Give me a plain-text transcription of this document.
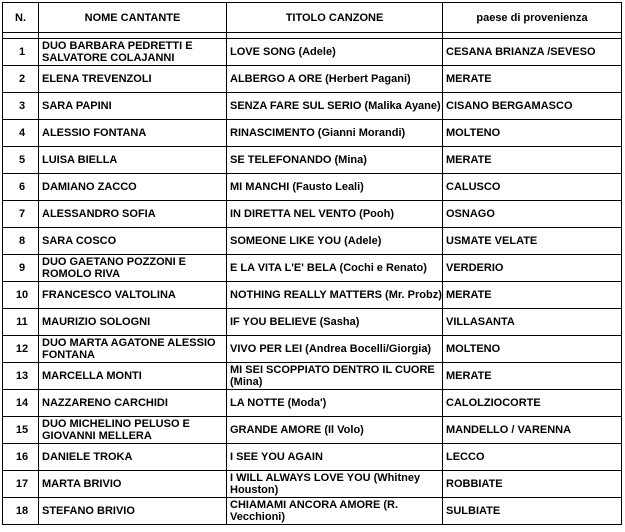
N.	NOME CANTANTE	TITOLO CANZONE	paese di provenienza

1	DUO BARBARA PEDRETTI E SALVATORE COLAJANNI	LOVE SONG (Adele)	CESANA BRIANZA /SEVESO
2	ELENA TREVENZOLI	ALBERGO A ORE (Herbert Pagani)	MERATE
3	SARA PAPINI	SENZA FARE SUL SERIO (Malika Ayane)	CISANO BERGAMASCO
4	ALESSIO FONTANA	RINASCIMENTO (Gianni Morandi)	MOLTENO
5	LUISA BIELLA	SE TELEFONANDO (Mina)	MERATE
6	DAMIANO ZACCO	MI MANCHI (Fausto Leali)	CALUSCO
7	ALESSANDRO SOFIA	IN DIRETTA NEL VENTO (Pooh)	OSNAGO
8	SARA COSCO	SOMEONE LIKE YOU (Adele)	USMATE VELATE
9	DUO GAETANO POZZONI E ROMOLO RIVA	E LA VITA L'E' BELA (Cochi e Renato)	VERDERIO
10	FRANCESCO VALTOLINA	NOTHING REALLY MATTERS (Mr. Probz)	MERATE
11	MAURIZIO SOLOGNI	IF YOU BELIEVE (Sasha)	VILLASANTA
12	DUO MARTA AGATONE ALESSIO FONTANA	VIVO PER LEI (Andrea Bocelli/Giorgia)	MOLTENO
13	MARCELLA MONTI	MI SEI SCOPPIATO DENTRO IL CUORE (Mina)	MERATE
14	NAZZARENO CARCHIDI	LA NOTTE (Moda')	CALOLZIOCORTE
15	DUO MICHELINO PELUSO E GIOVANNI MELLERA	GRANDE AMORE (Il Volo)	MANDELLO / VARENNA
16	DANIELE TROKA	I SEE YOU AGAIN	LECCO
17	MARTA BRIVIO	I WILL ALWAYS LOVE YOU (Whitney Houston)	ROBBIATE
18	STEFANO BRIVIO	CHIAMAMI ANCORA AMORE (R. Vecchioni)	SULBIATE
